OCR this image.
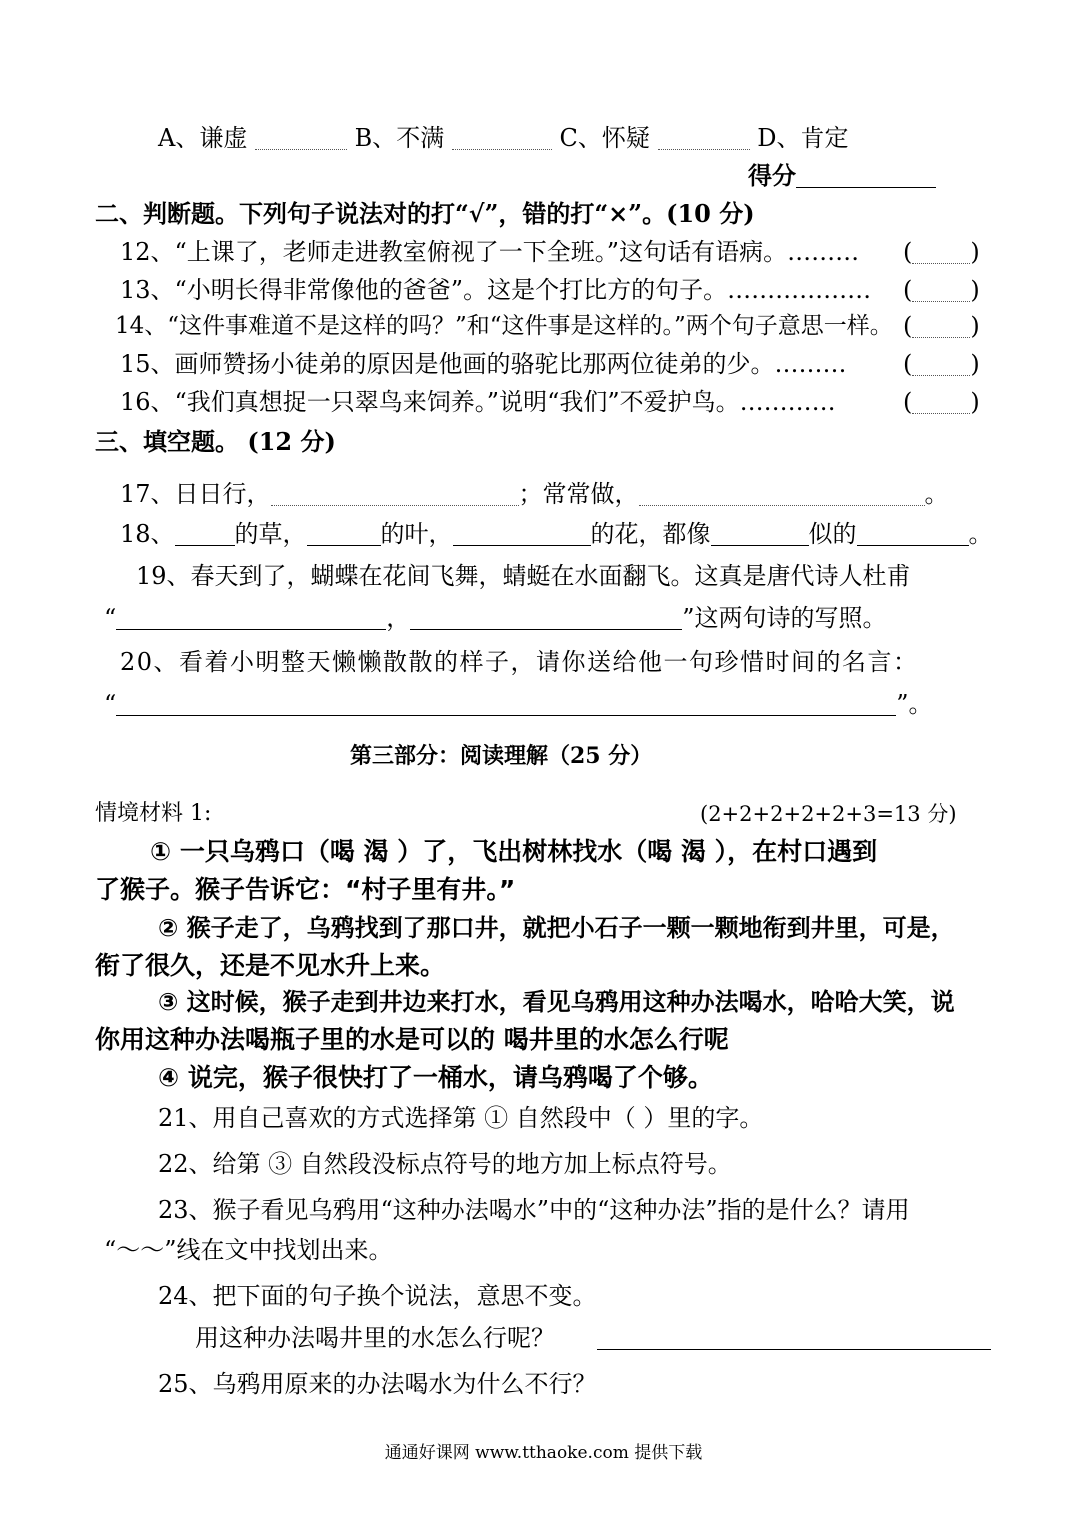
A、谦虚	B、不满	C、怀疑	D、肯定
得分
二、判断题。下列句子说法对的打“√”，错的打“×”。(10 分)
12、“上课了，老师走进教室俯视了一下全班。”这句话有语病。……… ( )
13、“小明长得非常像他的爸爸”。这是个打比方的句子。……………… ( )
14、“这件事难道不是这样的吗？”和“这件事是这样的。”两个句子意思一样。 ( )
15、画师赞扬小徒弟的原因是他画的骆驼比那两位徒弟的少。……… ( )
16、“我们真想捉一只翠鸟来饲养。”说明“我们”不爱护鸟。…………	( )
三、填空题。 (12 分)
17、日日行，	；常常做，	。
18、	的草，	的叶，	的花，都像	似的	。
19、春天到了，蝴蝶在花间飞舞，蜻蜓在水面翻飞。这真是唐代诗人杜甫
“	，	”这两句诗的写照。
20、看着小明整天懒懒散散的样子，请你送给他一句珍惜时间的名言：
“	”。
第三部分：阅读理解（25 分）
情境材料 1:	(2+2+2+2+2+3=13 分)
① 一只乌鸦口（喝 渴 ）了，飞出树林找水（喝 渴 ），在村口遇到
了猴子。猴子告诉它：“村子里有井。”
② 猴子走了，乌鸦找到了那口井，就把小石子一颗一颗地衔到井里，可是，
衔了很久，还是不见水升上来。
③ 这时候，猴子走到井边来打水，看见乌鸦用这种办法喝水，哈哈大笑，说
你用这种办法喝瓶子里的水是可以的 喝井里的水怎么行呢
④ 说完，猴子很快打了一桶水，请乌鸦喝了个够。
21、用自己喜欢的方式选择第 ① 自然段中（ ）里的字。
22、给第 ③ 自然段没标点符号的地方加上标点符号。
23、猴子看见乌鸦用“这种办法喝水”中的“这种办法”指的是什么？请用
“～～”线在文中找划出来。
24、把下面的句子换个说法，意思不变。
用这种办法喝井里的水怎么行呢？
25、乌鸦用原来的办法喝水为什么不行？
通通好课网 www.tthaoke.com 提供下载
